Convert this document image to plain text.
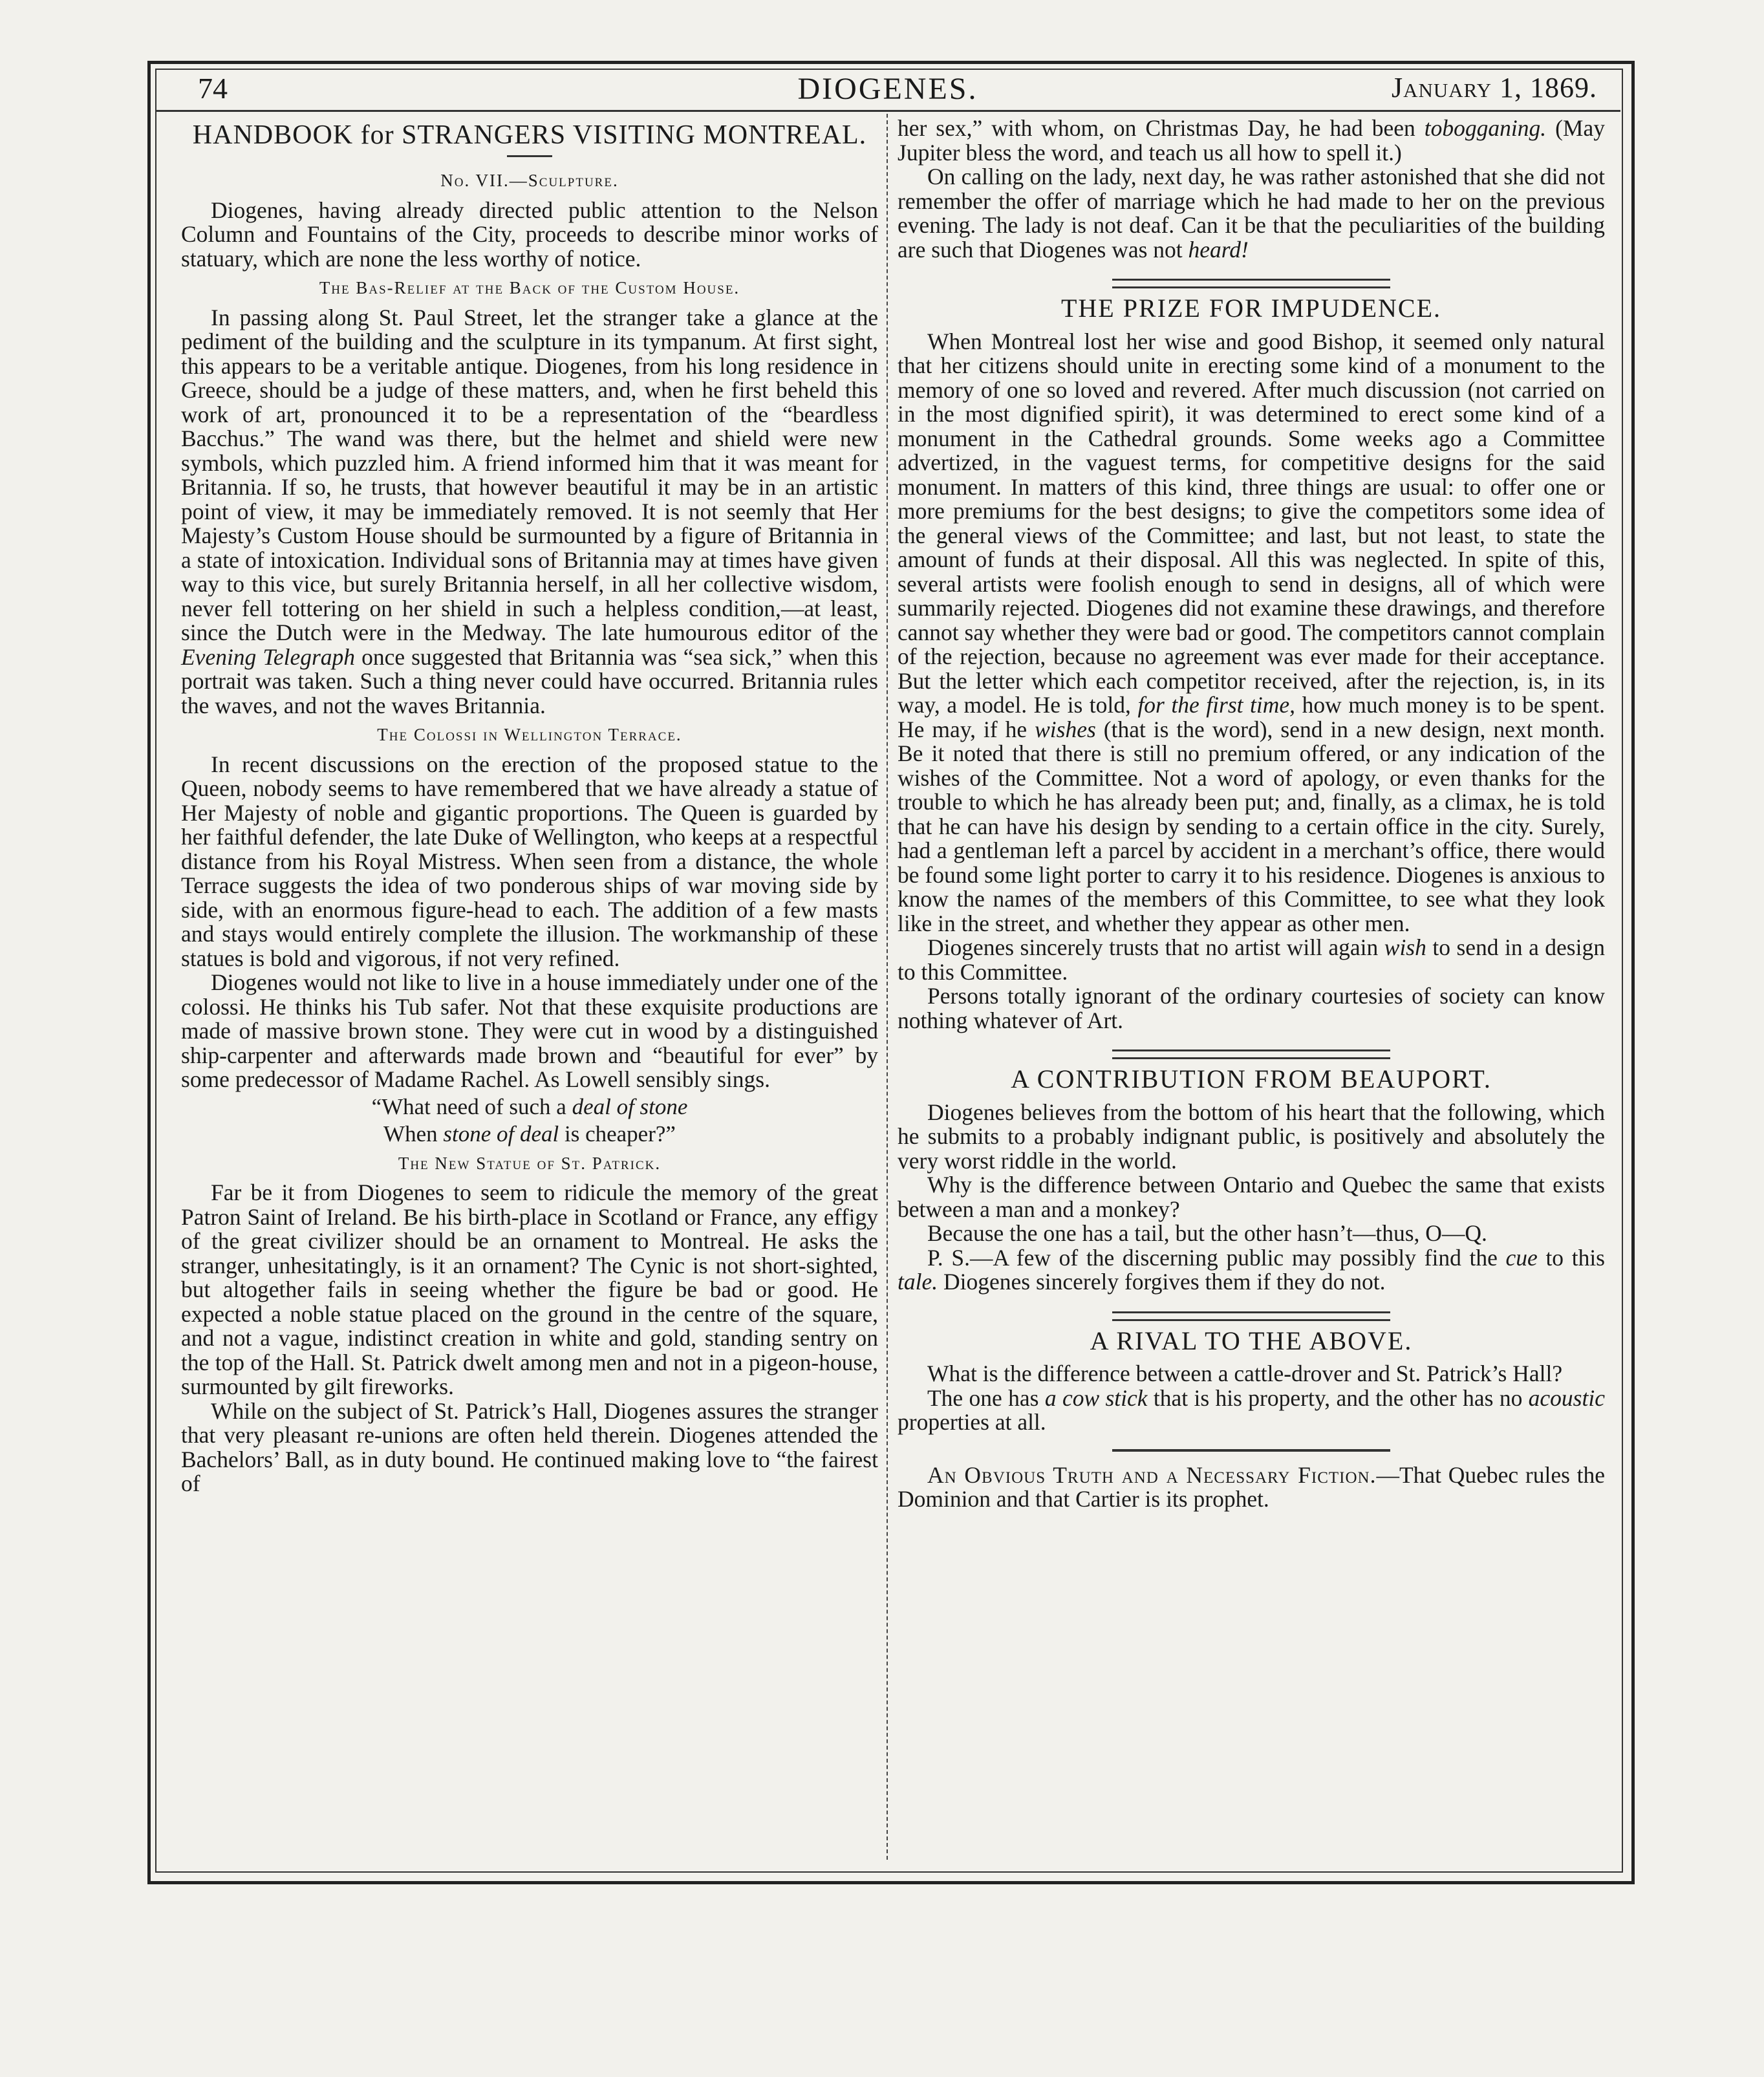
74	DIOGENES.	January 1, 1869.
HANDBOOK for STRANGERS VISITING MONTREAL.
No. VII.—Sculpture.

Diogenes, having already directed public attention to the Nelson Column and Fountains of the City, proceeds to describe minor works of statuary, which are none the less worthy of notice.

The Bas-Relief at the Back of the Custom House.

In passing along St. Paul Street, let the stranger take a glance at the pediment of the building and the sculpture in its tympanum. At first sight, this appears to be a veritable antique. Diogenes, from his long residence in Greece, should be a judge of these matters, and, when he first beheld this work of art, pronounced it to be a representation of the “beardless Bacchus.” The wand was there, but the helmet and shield were new symbols, which puzzled him. A friend informed him that it was meant for Britannia. If so, he trusts, that however beautiful it may be in an artistic point of view, it may be immediately removed. It is not seemly that Her Majesty’s Custom House should be surmounted by a figure of Britannia in a state of intoxication. Individual sons of Britannia may at times have given way to this vice, but surely Britannia herself, in all her collective wisdom, never fell tottering on her shield in such a helpless condition,—at least, since the Dutch were in the Medway. The late humourous editor of the Evening Telegraph once suggested that Britannia was “sea sick,” when this portrait was taken. Such a thing never could have occurred. Britannia rules the waves, and not the waves Britannia.

The Colossi in Wellington Terrace.

In recent discussions on the erection of the proposed statue to the Queen, nobody seems to have remembered that we have already a statue of Her Majesty of noble and gigantic proportions. The Queen is guarded by her faithful defender, the late Duke of Wellington, who keeps at a respectful distance from his Royal Mistress. When seen from a distance, the whole Terrace suggests the idea of two ponderous ships of war moving side by side, with an enormous figure-head to each. The addition of a few masts and stays would entirely complete the illusion. The workmanship of these statues is bold and vigorous, if not very refined.

Diogenes would not like to live in a house immediately under one of the colossi. He thinks his Tub safer. Not that these exquisite productions are made of massive brown stone. They were cut in wood by a distinguished ship-carpenter and afterwards made brown and “beautiful for ever” by some predecessor of Madame Rachel. As Lowell sensibly sings.

“What need of such a deal of stone
When stone of deal is cheaper?”
The New Statue of St. Patrick.

Far be it from Diogenes to seem to ridicule the memory of the great Patron Saint of Ireland. Be his birth-place in Scotland or France, any effigy of the great civilizer should be an ornament to Montreal. He asks the stranger, unhesitatingly, is it an ornament? The Cynic is not short-sighted, but altogether fails in seeing whether the figure be bad or good. He expected a noble statue placed on the ground in the centre of the square, and not a vague, indistinct creation in white and gold, standing sentry on the top of the Hall. St. Patrick dwelt among men and not in a pigeon-house, surmounted by gilt fireworks.

While on the subject of St. Patrick’s Hall, Diogenes assures the stranger that very pleasant re-unions are often held therein. Diogenes attended the Bachelors’ Ball, as in duty bound. He continued making love to “the fairest of

her sex,” with whom, on Christmas Day, he had been tobogganing. (May Jupiter bless the word, and teach us all how to spell it.)

On calling on the lady, next day, he was rather astonished that she did not remember the offer of marriage which he had made to her on the previous evening. The lady is not deaf. Can it be that the peculiarities of the building are such that Diogenes was not heard!

THE PRIZE FOR IMPUDENCE.

When Montreal lost her wise and good Bishop, it seemed only natural that her citizens should unite in erecting some kind of a monument to the memory of one so loved and revered. After much discussion (not carried on in the most dignified spirit), it was determined to erect some kind of a monument in the Cathedral grounds. Some weeks ago a Committee advertized, in the vaguest terms, for competitive designs for the said monument. In matters of this kind, three things are usual: to offer one or more premiums for the best designs; to give the competitors some idea of the general views of the Committee; and last, but not least, to state the amount of funds at their disposal. All this was neglected. In spite of this, several artists were foolish enough to send in designs, all of which were summarily rejected. Diogenes did not examine these drawings, and therefore cannot say whether they were bad or good. The competitors cannot complain of the rejection, because no agreement was ever made for their acceptance. But the letter which each competitor received, after the rejection, is, in its way, a model. He is told, for the first time, how much money is to be spent. He may, if he wishes (that is the word), send in a new design, next month. Be it noted that there is still no premium offered, or any indication of the wishes of the Committee. Not a word of apology, or even thanks for the trouble to which he has already been put; and, finally, as a climax, he is told that he can have his design by sending to a certain office in the city. Surely, had a gentleman left a parcel by accident in a merchant’s office, there would be found some light porter to carry it to his residence. Diogenes is anxious to know the names of the members of this Committee, to see what they look like in the street, and whether they appear as other men.

Diogenes sincerely trusts that no artist will again wish to send in a design to this Committee.

Persons totally ignorant of the ordinary courtesies of society can know nothing whatever of Art.

A CONTRIBUTION FROM BEAUPORT.

Diogenes believes from the bottom of his heart that the following, which he submits to a probably indignant public, is positively and absolutely the very worst riddle in the world.

Why is the difference between Ontario and Quebec the same that exists between a man and a monkey?

Because the one has a tail, but the other hasn’t—thus, O—Q.

P. S.—A few of the discerning public may possibly find the cue to this tale. Diogenes sincerely forgives them if they do not.

A RIVAL TO THE ABOVE.

What is the difference between a cattle-drover and St. Patrick’s Hall?

The one has a cow stick that is his property, and the other has no acoustic properties at all.

An Obvious Truth and a Necessary Fiction.—That Quebec rules the Dominion and that Cartier is its prophet.
